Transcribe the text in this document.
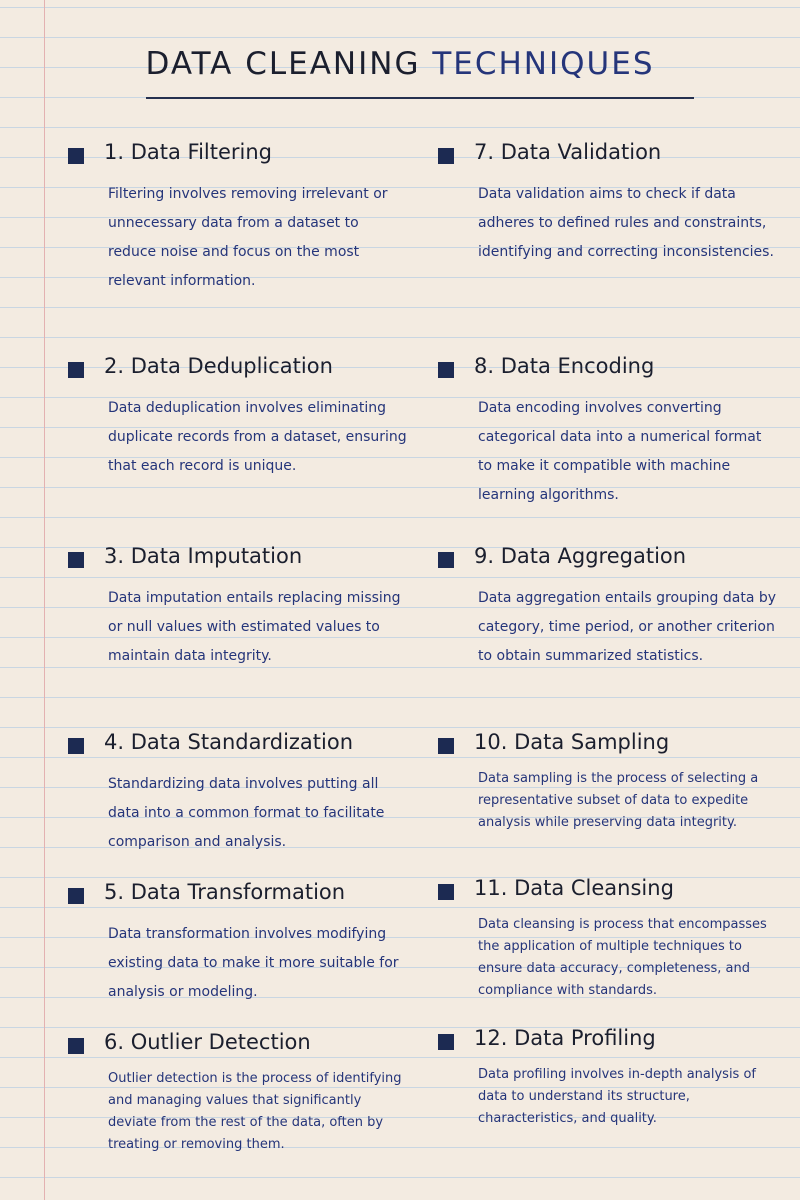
DATA CLEANING TECHNIQUES
1. Data Filtering
Filtering involves removing irrelevant or unnecessary data from a dataset to reduce noise and focus on the most relevant information.
2. Data Deduplication
Data deduplication involves eliminating duplicate records from a dataset, ensuring that each record is unique.
3. Data Imputation
Data imputation entails replacing missing or null values with estimated values to maintain data integrity.
4. Data Standardization
Standardizing data involves putting all data into a common format to facilitate comparison and analysis.
5. Data Transformation
Data transformation involves modifying existing data to make it more suitable for analysis or modeling.
6. Outlier Detection
Outlier detection is the process of identifying and managing values that significantly deviate from the rest of the data, often by treating or removing them.
7. Data Validation
Data validation aims to check if data adheres to defined rules and constraints, identifying and correcting inconsistencies.
8. Data Encoding
Data encoding involves converting categorical data into a numerical format to make it compatible with machine learning algorithms.
9. Data Aggregation
Data aggregation entails grouping data by category, time period, or another criterion to obtain summarized statistics.
10. Data Sampling
Data sampling is the process of selecting a representative subset of data to expedite analysis while preserving data integrity.
11. Data Cleansing
Data cleansing is process that encompasses the application of multiple techniques to ensure data accuracy, completeness, and compliance with standards.
12. Data Profiling
Data profiling involves in-depth analysis of data to understand its structure, characteristics, and quality.
